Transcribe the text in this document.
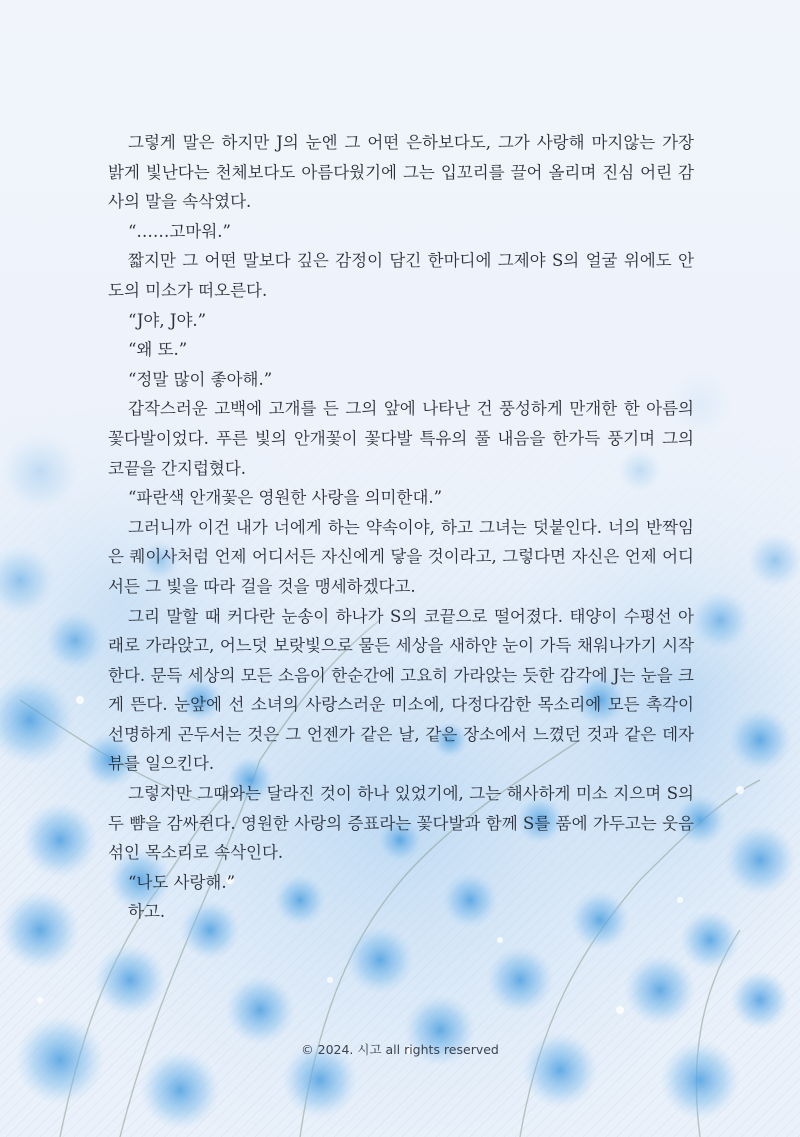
그렇게 말은 하지만 J의 눈엔 그 어떤 은하보다도, 그가 사랑해 마지않는 가장 밝게 빛난다는 천체보다도 아름다웠기에 그는 입꼬리를 끌어 올리며 진심 어린 감사의 말을 속삭였다.

“……고마워.”

짧지만 그 어떤 말보다 깊은 감정이 담긴 한마디에 그제야 S의 얼굴 위에도 안도의 미소가 떠오른다.

“J야, J야.”

“왜 또.”

“정말 많이 좋아해.”

갑작스러운 고백에 고개를 든 그의 앞에 나타난 건 풍성하게 만개한 한 아름의 꽃다발이었다. 푸른 빛의 안개꽃이 꽃다발 특유의 풀 내음을 한가득 풍기며 그의 코끝을 간지럽혔다.

“파란색 안개꽃은 영원한 사랑을 의미한대.”

그러니까 이건 내가 너에게 하는 약속이야, 하고 그녀는 덧붙인다. 너의 반짝임은 퀘이사처럼 언제 어디서든 자신에게 닿을 것이라고, 그렇다면 자신은 언제 어디서든 그 빛을 따라 걸을 것을 맹세하겠다고.

그리 말할 때 커다란 눈송이 하나가 S의 코끝으로 떨어졌다. 태양이 수평선 아래로 가라앉고, 어느덧 보랏빛으로 물든 세상을 새하얀 눈이 가득 채워나가기 시작한다. 문득 세상의 모든 소음이 한순간에 고요히 가라앉는 듯한 감각에 J는 눈을 크게 뜬다. 눈앞에 선 소녀의 사랑스러운 미소에, 다정다감한 목소리에 모든 촉각이 선명하게 곤두서는 것은 그 언젠가 같은 날, 같은 장소에서 느꼈던 것과 같은 데자뷰를 일으킨다.

그렇지만 그때와는 달라진 것이 하나 있었기에, 그는 해사하게 미소 지으며 S의 두 뺨을 감싸쥔다. 영원한 사랑의 증표라는 꽃다발과 함께 S를 품에 가두고는 웃음 섞인 목소리로 속삭인다.

“나도 사랑해.”

하고.

© 2024. 시고 all rights reserved
